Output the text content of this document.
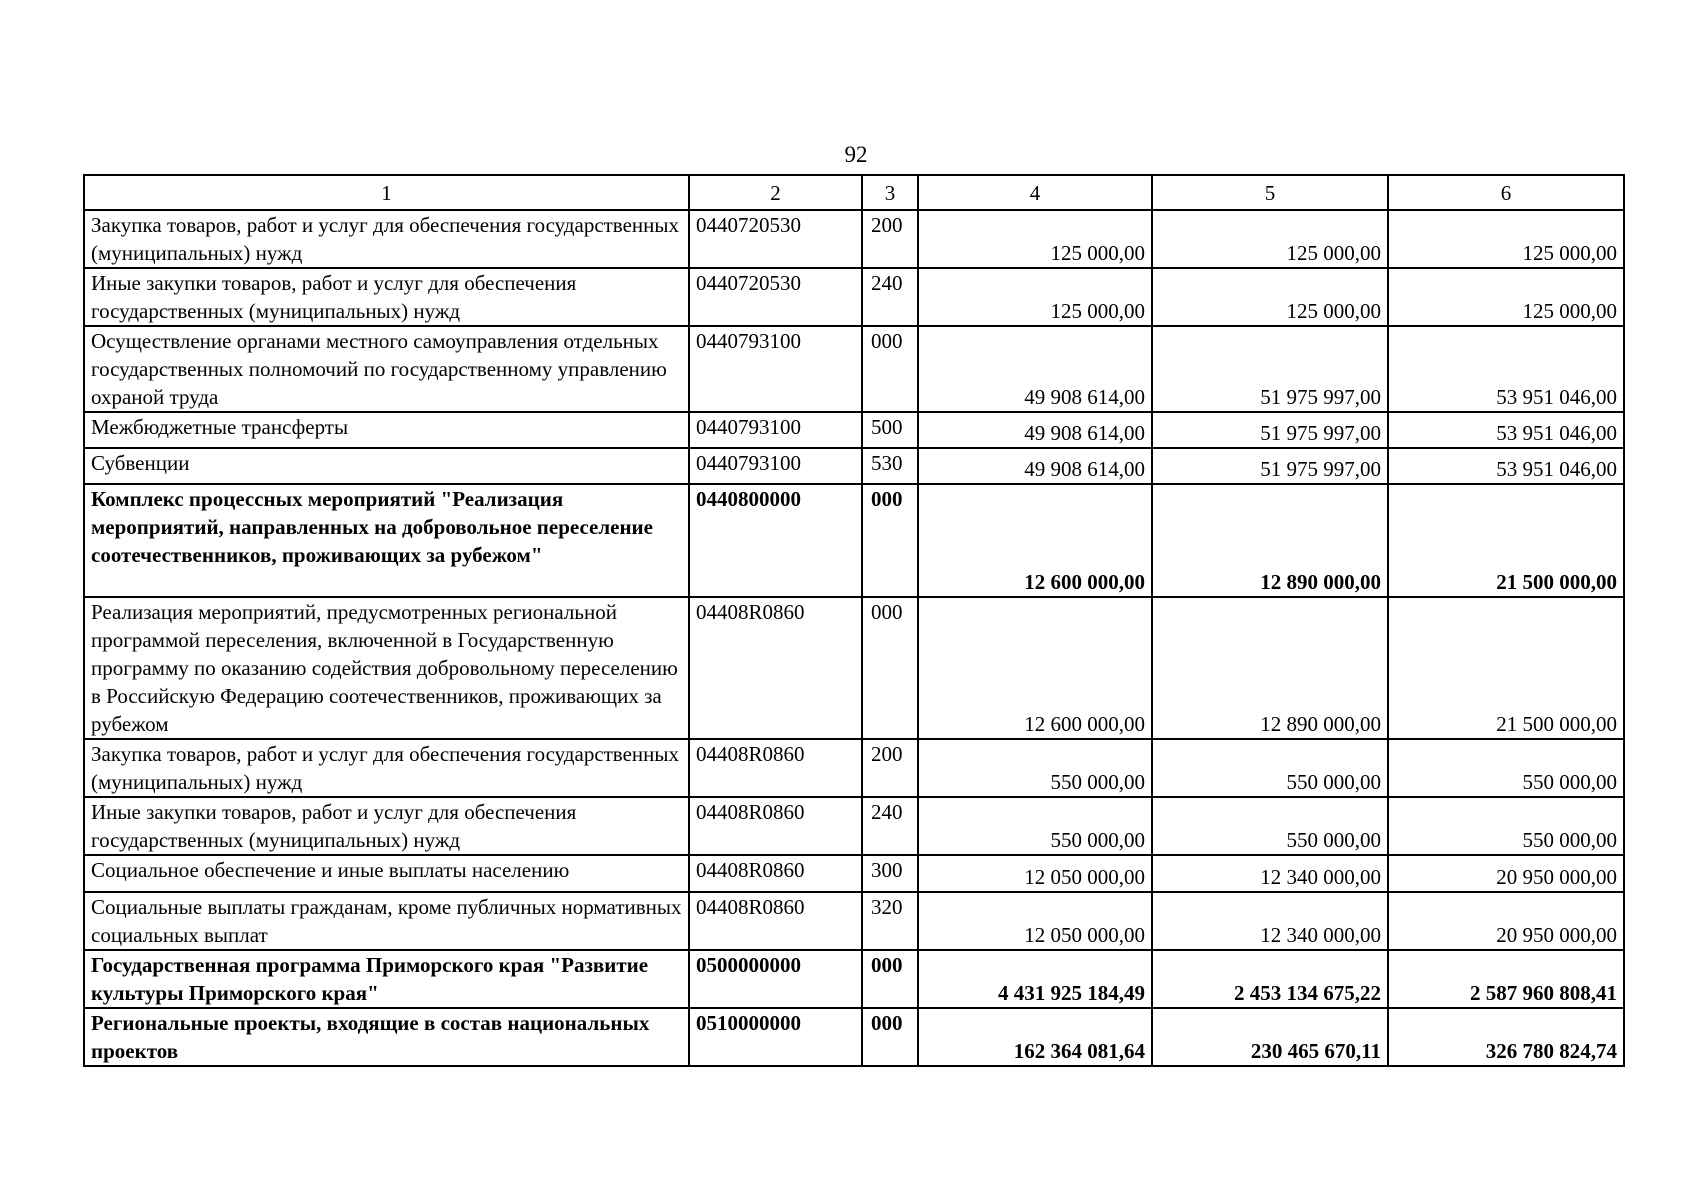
92
1	2	3	4	5	6
Закупка товаров, работ и услуг для обеспечения государственных (муниципальных) нужд	0440720530	200	125 000,00	125 000,00	125 000,00
Иные закупки товаров, работ и услуг для обеспечения государственных (муниципальных) нужд	0440720530	240	125 000,00	125 000,00	125 000,00
Осуществление органами местного самоуправления отдельных государственных полномочий по государственному управлению охраной труда	0440793100	000	49 908 614,00	51 975 997,00	53 951 046,00
Межбюджетные трансферты	0440793100	500	49 908 614,00	51 975 997,00	53 951 046,00
Субвенции	0440793100	530	49 908 614,00	51 975 997,00	53 951 046,00
Комплекс процессных мероприятий "Реализация мероприятий, направленных на добровольное переселение соотечественников, проживающих за рубежом"	0440800000	000	12 600 000,00	12 890 000,00	21 500 000,00
Реализация мероприятий, предусмотренных региональной программой переселения, включенной в Государственную программу по оказанию содействия добровольному переселению в Российскую Федерацию соотечественников, проживающих за рубежом	04408R0860	000	12 600 000,00	12 890 000,00	21 500 000,00
Закупка товаров, работ и услуг для обеспечения государственных (муниципальных) нужд	04408R0860	200	550 000,00	550 000,00	550 000,00
Иные закупки товаров, работ и услуг для обеспечения государственных (муниципальных) нужд	04408R0860	240	550 000,00	550 000,00	550 000,00
Социальное обеспечение и иные выплаты населению	04408R0860	300	12 050 000,00	12 340 000,00	20 950 000,00
Социальные выплаты гражданам, кроме публичных нормативных социальных выплат	04408R0860	320	12 050 000,00	12 340 000,00	20 950 000,00
Государственная программа Приморского края "Развитие культуры Приморского края"	0500000000	000	4 431 925 184,49	2 453 134 675,22	2 587 960 808,41
Региональные проекты, входящие в состав национальных проектов	0510000000	000	162 364 081,64	230 465 670,11	326 780 824,74
